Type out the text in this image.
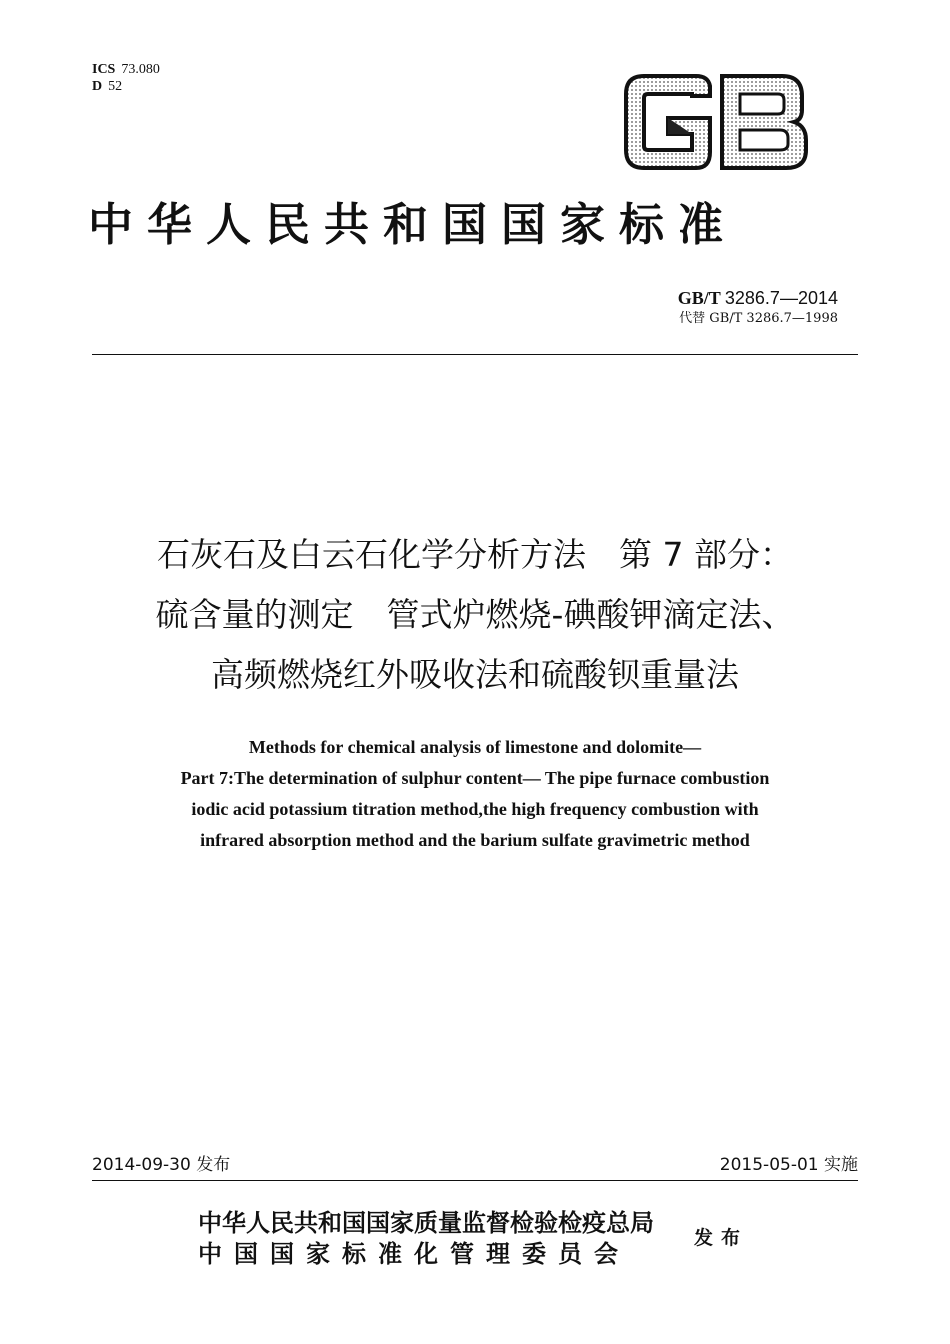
ICS 73.080
D 52
中华人民共和国国家标准
GB/T 3286.7—2014
代替 GB/T 3286.7—1998
石灰石及白云石化学分析方法　第 7 部分：
硫含量的测定　管式炉燃烧-碘酸钾滴定法、
高频燃烧红外吸收法和硫酸钡重量法
Methods for chemical analysis of limestone and dolomite—
Part 7:The determination of sulphur content— The pipe furnace combustion
iodic acid potassium titration method,the high frequency combustion with
infrared absorption method and the barium sulfate gravimetric method
2014-09-30 发布	2015-05-01 实施
中华人民共和国国家质量监督检验检疫总局
中国国家标准化管理委员会
发布
